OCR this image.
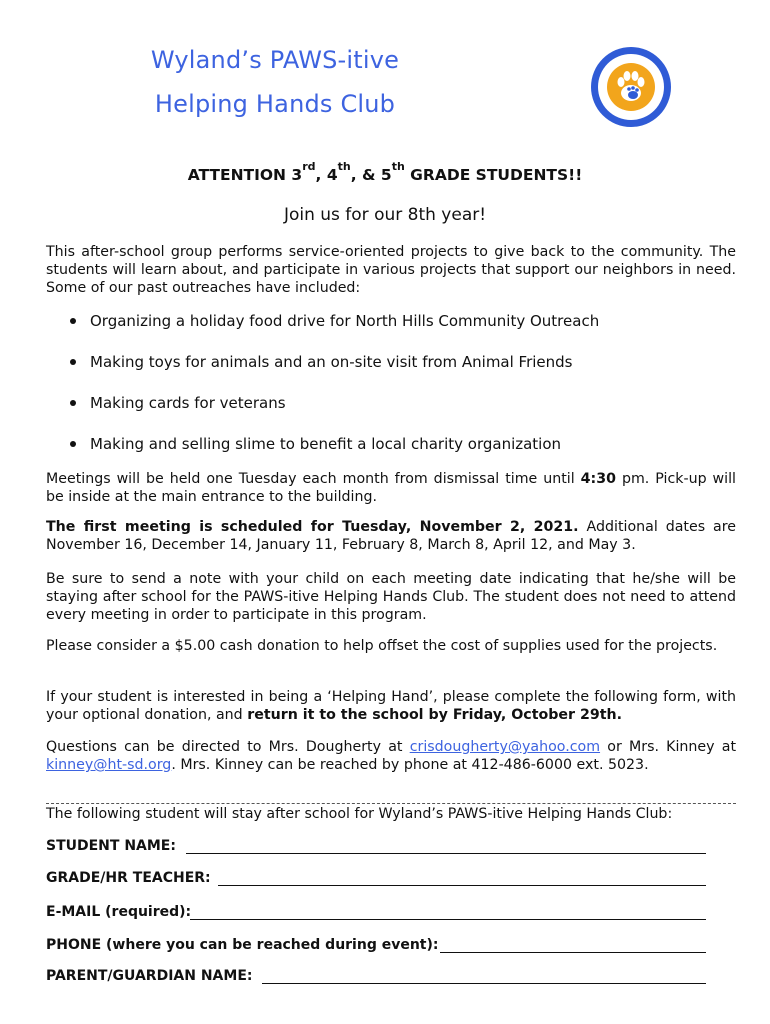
Wyland’s PAWS-itive
Helping Hands Club
ATTENTION 3rd, 4th, & 5th GRADE STUDENTS!!
Join us for our 8th year!
This after-school group performs service-oriented projects to give back to the community. The students will learn about, and participate in various projects that support our neighbors in need. Some of our past outreaches have included:
Organizing a holiday food drive for North Hills Community Outreach
Making toys for animals and an on-site visit from Animal Friends
Making cards for veterans
Making and selling slime to benefit a local charity organization
Meetings will be held one Tuesday each month from dismissal time until 4:30 pm. Pick-up will be inside at the main entrance to the building.
The first meeting is scheduled for Tuesday, November 2, 2021. Additional dates are November 16, December 14, January 11, February 8, March 8, April 12, and May 3.
Be sure to send a note with your child on each meeting date indicating that he/she will be staying after school for the PAWS-itive Helping Hands Club. The student does not need to attend every meeting in order to participate in this program.
Please consider a $5.00 cash donation to help offset the cost of supplies used for the projects.
If your student is interested in being a ‘Helping Hand’, please complete the following form, with your optional donation, and return it to the school by Friday, October 29th.
Questions can be directed to Mrs. Dougherty at crisdougherty@yahoo.com or Mrs. Kinney at kinney@ht-sd.org. Mrs. Kinney can be reached by phone at 412-486-6000 ext. 5023.
The following student will stay after school for Wyland’s PAWS-itive Helping Hands Club:
STUDENT NAME:
GRADE/HR TEACHER:
E-MAIL (required):
PHONE (where you can be reached during event):
PARENT/GUARDIAN NAME:
